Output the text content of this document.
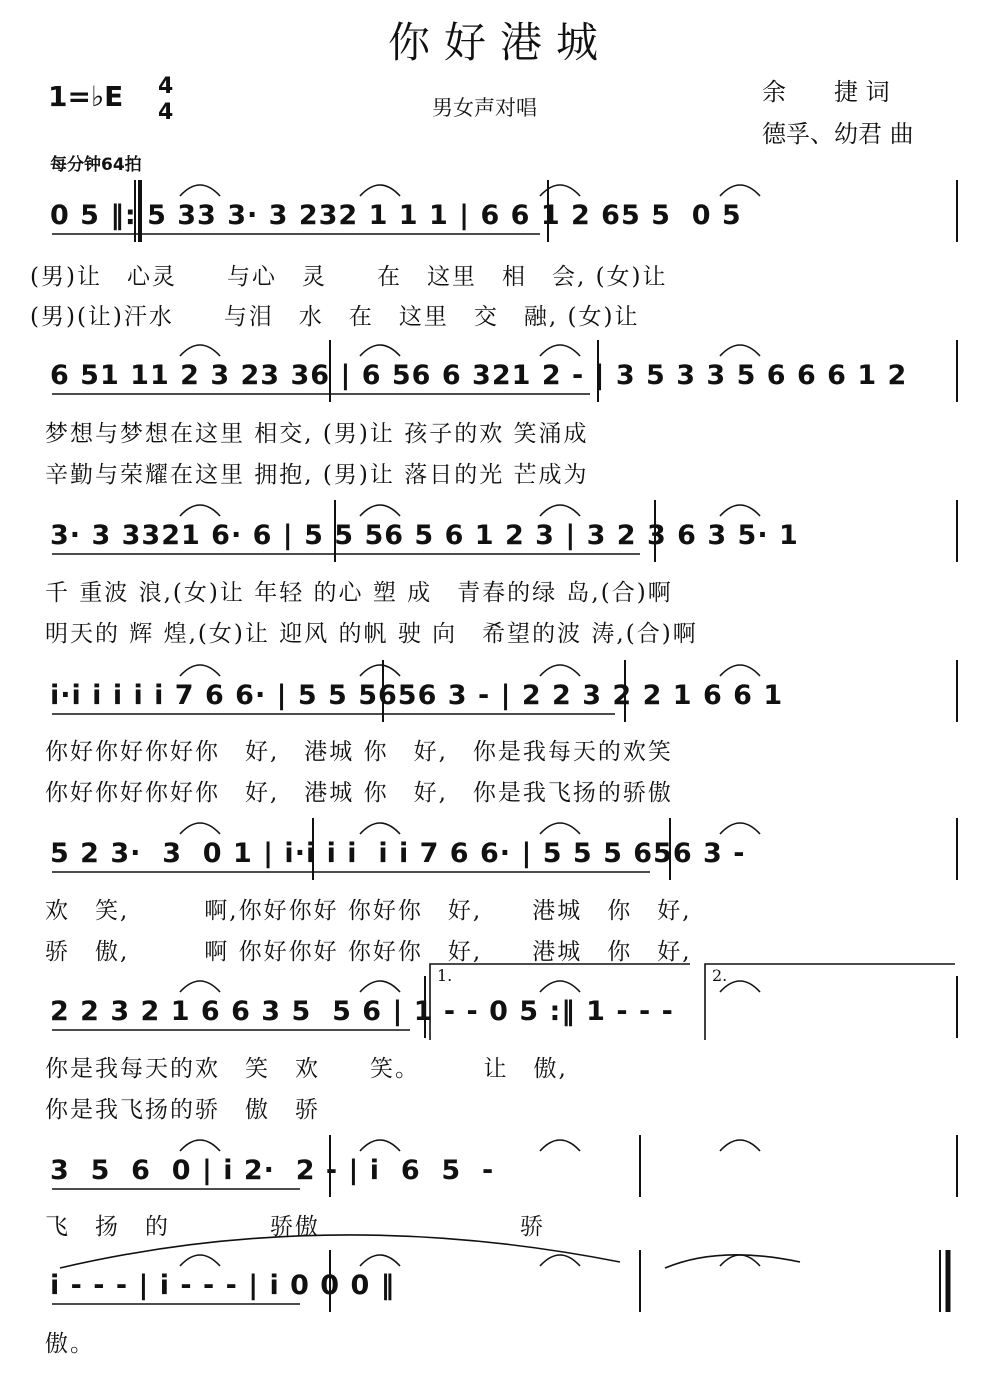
你好港城
1=♭E 4
4	男女声对唱
余　　捷 词
德孚、幼君 曲
每分钟64拍
0 5 ‖: 5 33 3· 3 232 1 1 1 | 6 6 1 2 65 5  0 5
(男)让　心灵　　与心　灵　　在　这里　相　会, (女)让
(男)(让)汗水　　与泪　水　在　这里　交　融, (女)让
6 51 11 2 3 23 36 | 6 56 6 321 2 - | 3 5 3 3 5 6 6 6 1 2
梦想与梦想在这里 相交, (男)让 孩子的欢 笑涌成
辛勤与荣耀在这里 拥抱, (男)让 落日的光 芒成为
3· 3 3321 6· 6 | 5 5 56 5 6 1 2 3 | 3 2 3 6 3 5· 1
千 重波 浪,(女)让 年轻 的心 塑 成　青春的绿 岛,(合)啊
明天的 辉 煌,(女)让 迎风 的帆 驶 向　希望的波 涛,(合)啊
i·i i i i i 7 6 6· | 5 5 5656 3 - | 2 2 3 2 2 1 6 6 1
你好你好你好你　好,　港城 你　好,　你是我每天的欢笑
你好你好你好你　好,　港城 你　好,　你是我飞扬的骄傲
5 2 3·  3  0 1 | i·i i i  i i 7 6 6· | 5 5 5 656 3 -
欢　笑,　　　啊,你好你好 你好你　好,　　港城　你　好,
骄　傲,　　　啊 你好你好 你好你　好,　　港城　你　好,
1.	2.
2 2 3 2 1 6 6 3 5  5 6 | 1 - - 0 5 :‖ 1 - - -
你是我每天的欢　笑　欢　　笑。　　　让　傲,
你是我飞扬的骄　傲　骄
3  5  6  0 | i 2·  2 - | i  6  5  -
飞　扬　的　　　　骄傲　　　　　　　　骄
i - - - | i - - - | i 0 0 0 ‖
傲。
